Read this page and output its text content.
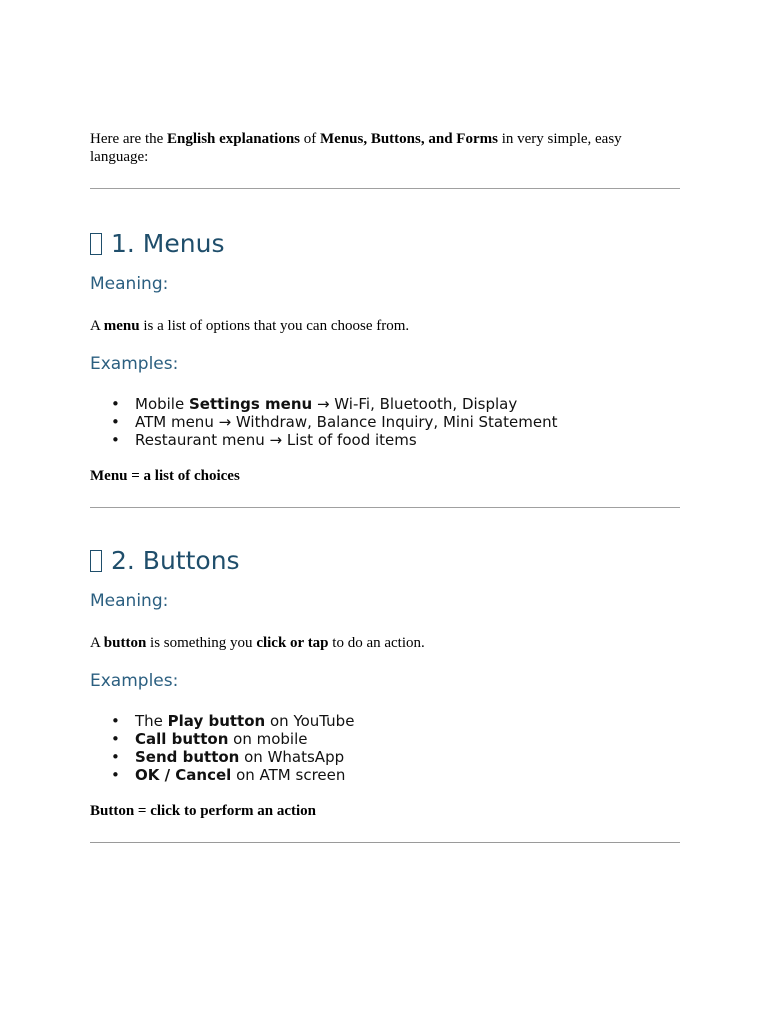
Here are the English explanations of Menus, Buttons, and Forms in very simple, easy language:

1. Menus
Meaning:

A menu is a list of options that you can choose from.

Examples:
• Mobile Settings menu → Wi-Fi, Bluetooth, Display
• ATM menu → Withdraw, Balance Inquiry, Mini Statement
• Restaurant menu → List of food items

Menu = a list of choices

2. Buttons
Meaning:

A button is something you click or tap to do an action.

Examples:
• The Play button on YouTube
• Call button on mobile
• Send button on WhatsApp
• OK / Cancel on ATM screen

Button = click to perform an action
